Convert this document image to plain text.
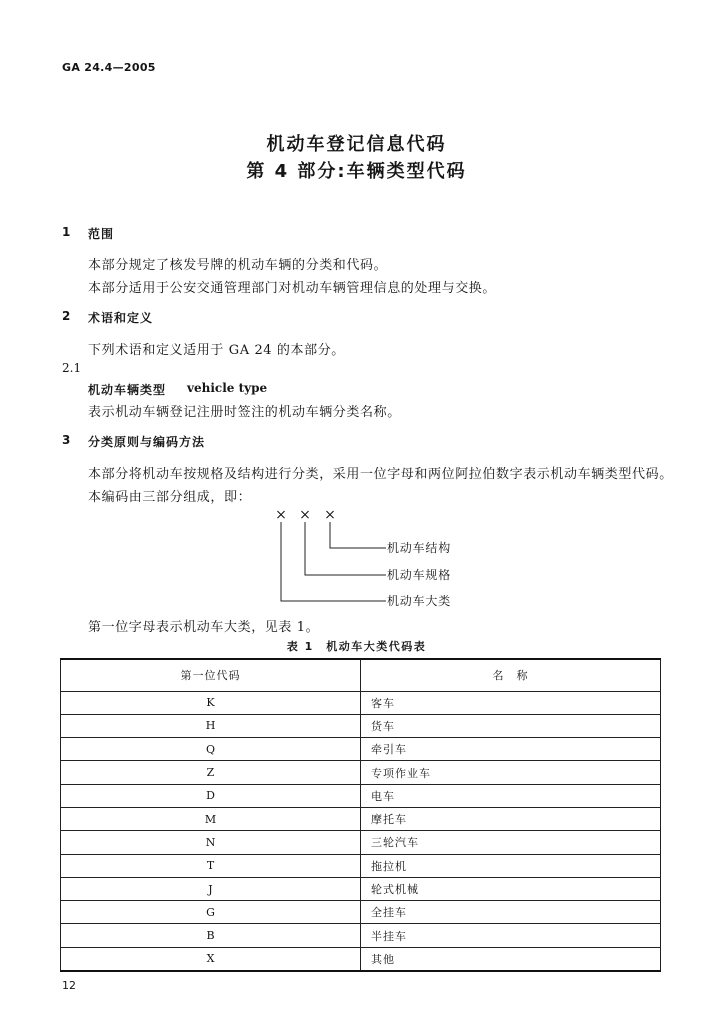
GA 24.4—2005
机动车登记信息代码
第 4 部分:车辆类型代码
1 范围
本部分规定了核发号牌的机动车辆的分类和代码。
本部分适用于公安交通管理部门对机动车辆管理信息的处理与交换。
2 术语和定义
下列术语和定义适用于 GA 24 的本部分。
2.1
机动车辆类型 vehicle type
表示机动车辆登记注册时签注的机动车辆分类名称。
3 分类原则与编码方法
本部分将机动车按规格及结构进行分类，采用一位字母和两位阿拉伯数字表示机动车辆类型代码。
本编码由三部分组成，即：
× × ×
机动车结构
机动车规格
机动车大类
第一位字母表示机动车大类，见表 1。
表 1　机动车大类代码表
第一位代码	名　称
K	客车
H	货车
Q	牵引车
Z	专项作业车
D	电车
M	摩托车
N	三轮汽车
T	拖拉机
J	轮式机械
G	全挂车
B	半挂车
X	其他
12
